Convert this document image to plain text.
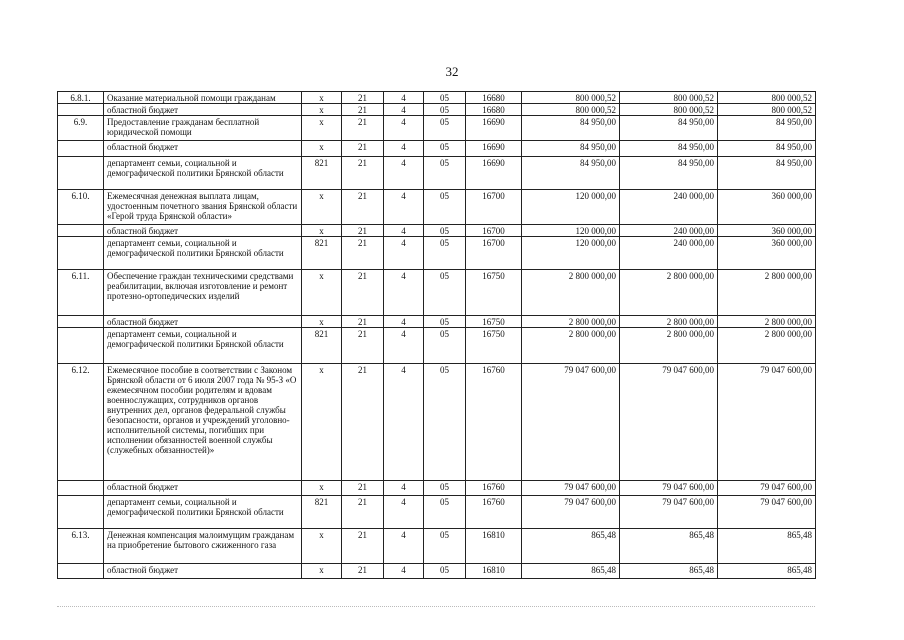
32
6.8.1.	Оказание материальной помощи гражданам	х	21	4	05	16680	800 000,52	800 000,52	800 000,52
	областной бюджет	х	21	4	05	16680	800 000,52	800 000,52	800 000,52
6.9.	Предоставление гражданам бесплатной юридической помощи	х	21	4	05	16690	84 950,00	84 950,00	84 950,00
	областной бюджет	х	21	4	05	16690	84 950,00	84 950,00	84 950,00
	департамент семьи, социальной и демографической политики Брянской области	821	21	4	05	16690	84 950,00	84 950,00	84 950,00
6.10.	Ежемесячная денежная выплата лицам, удостоенным почетного звания Брянской области «Герой труда Брянской области»	х	21	4	05	16700	120 000,00	240 000,00	360 000,00
	областной бюджет	х	21	4	05	16700	120 000,00	240 000,00	360 000,00
	департамент семьи, социальной и демографической политики Брянской области	821	21	4	05	16700	120 000,00	240 000,00	360 000,00
6.11.	Обеспечение граждан техническими средствами реабилитации, включая изготовление и ремонт протезно-ортопедических изделий	х	21	4	05	16750	2 800 000,00	2 800 000,00	2 800 000,00
	областной бюджет	х	21	4	05	16750	2 800 000,00	2 800 000,00	2 800 000,00
	департамент семьи, социальной и демографической политики Брянской области	821	21	4	05	16750	2 800 000,00	2 800 000,00	2 800 000,00
6.12.	Ежемесячное пособие в соответствии с Законом Брянской области от 6 июля 2007 года № 95-З «О ежемесячном пособии родителям и вдовам военнослужащих, сотрудников органов внутренних дел, органов федеральной службы безопасности, органов и учреждений уголовно-исполнительной системы, погибших при исполнении обязанностей военной службы (служебных обязанностей)»	х	21	4	05	16760	79 047 600,00	79 047 600,00	79 047 600,00
	областной бюджет	х	21	4	05	16760	79 047 600,00	79 047 600,00	79 047 600,00
	департамент семьи, социальной и демографической политики Брянской области	821	21	4	05	16760	79 047 600,00	79 047 600,00	79 047 600,00
6.13.	Денежная компенсация малоимущим гражданам на приобретение бытового сжиженного газа	х	21	4	05	16810	865,48	865,48	865,48
	областной бюджет	х	21	4	05	16810	865,48	865,48	865,48
